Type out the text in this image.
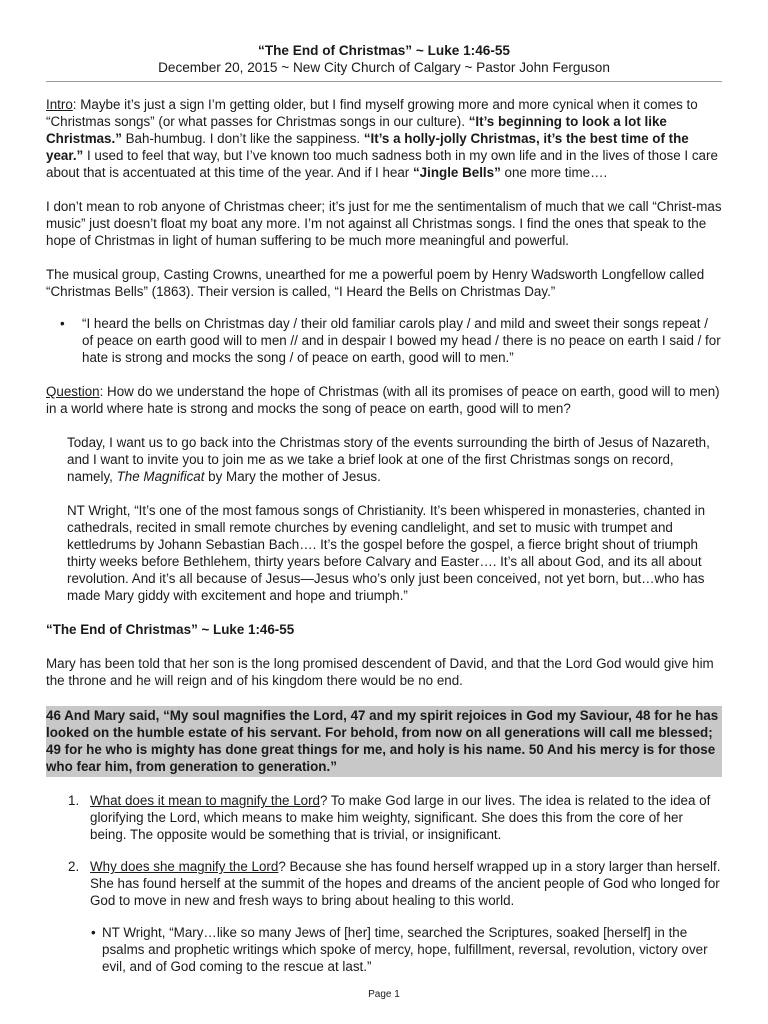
“The End of Christmas” ~ Luke 1:46-55
December 20, 2015 ~ New City Church of Calgary ~ Pastor John Ferguson

Intro: Maybe it’s just a sign I’m getting older, but I find myself growing more and more cynical when it comes to “Christmas songs” (or what passes for Christmas songs in our culture). “It’s beginning to look a lot like Christmas.” Bah-humbug. I don’t like the sappiness. “It’s a holly-jolly Christmas, it’s the best time of the year.” I used to feel that way, but I’ve known too much sadness both in my own life and in the lives of those I care about that is accentuated at this time of the year. And if I hear “Jingle Bells” one more time….

I don’t mean to rob anyone of Christmas cheer; it’s just for me the sentimentalism of much that we call “Christ-mas music” just doesn’t float my boat any more. I’m not against all Christmas songs. I find the ones that speak to the hope of Christmas in light of human suffering to be much more meaningful and powerful.

The musical group, Casting Crowns, unearthed for me a powerful poem by Henry Wadsworth Longfellow called “Christmas Bells” (1863). Their version is called, “I Heard the Bells on Christmas Day.”

• “I heard the bells on Christmas day / their old familiar carols play / and mild and sweet their songs repeat / of peace on earth good will to men // and in despair I bowed my head / there is no peace on earth I said / for hate is strong and mocks the song / of peace on earth, good will to men.”

Question: How do we understand the hope of Christmas (with all its promises of peace on earth, good will to men) in a world where hate is strong and mocks the song of peace on earth, good will to men?

Today, I want us to go back into the Christmas story of the events surrounding the birth of Jesus of Nazareth, and I want to invite you to join me as we take a brief look at one of the first Christmas songs on record, namely, The Magnificat by Mary the mother of Jesus.

NT Wright, “It’s one of the most famous songs of Christianity. It’s been whispered in monasteries, chanted in cathedrals, recited in small remote churches by evening candlelight, and set to music with trumpet and kettledrums by Johann Sebastian Bach…. It’s the gospel before the gospel, a fierce bright shout of triumph thirty weeks before Bethlehem, thirty years before Calvary and Easter…. It’s all about God, and its all about revolution. And it’s all because of Jesus—Jesus who’s only just been conceived, not yet born, but…who has made Mary giddy with excitement and hope and triumph.”

“The End of Christmas” ~ Luke 1:46-55

Mary has been told that her son is the long promised descendent of David, and that the Lord God would give him the throne and he will reign and of his kingdom there would be no end.

46 And Mary said, “My soul magnifies the Lord, 47 and my spirit rejoices in God my Saviour, 48 for he has looked on the humble estate of his servant. For behold, from now on all generations will call me blessed; 49 for he who is mighty has done great things for me, and holy is his name. 50 And his mercy is for those who fear him, from generation to generation.”

1. What does it mean to magnify the Lord? To make God large in our lives. The idea is related to the idea of glorifying the Lord, which means to make him weighty, significant. She does this from the core of her being. The opposite would be something that is trivial, or insignificant.
2. Why does she magnify the Lord? Because she has found herself wrapped up in a story larger than herself. She has found herself at the summit of the hopes and dreams of the ancient people of God who longed for God to move in new and fresh ways to bring about healing to this world.
• NT Wright, “Mary…like so many Jews of [her] time, searched the Scriptures, soaked [herself] in the psalms and prophetic writings which spoke of mercy, hope, fulfillment, reversal, revolution, victory over evil, and of God coming to the rescue at last.”
Page 1
